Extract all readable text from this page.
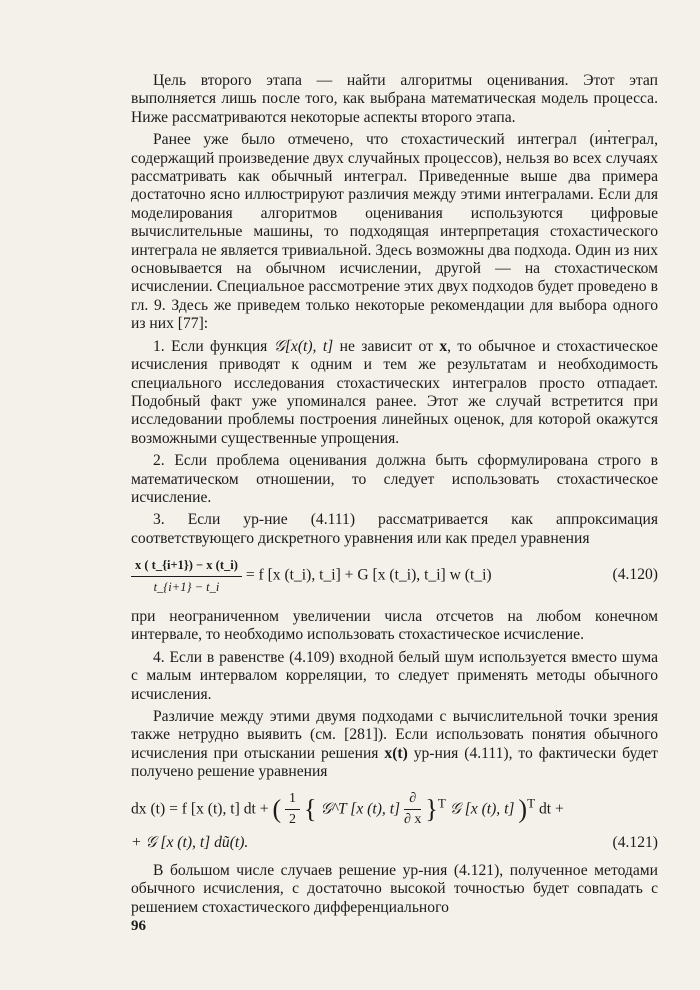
Цель второго этапа — найти алгоритмы оценивания. Этот этап выполняется лишь после того, как выбрана математическая модель процесса. Ниже рассматриваются некоторые аспекты второго этапа.

Ранее уже было отмечено, что стохастический интеграл (интеграл, содержащий произведение двух случайных процессов), нельзя во всех случаях рассматривать как обычный интеграл. Приведенные выше два примера достаточно ясно иллюстрируют различия между этими интегралами. Если для моделирования алгоритмов оценивания используются цифровые вычислительные машины, то подходящая интерпретация стохастического интеграла не является тривиальной. Здесь возможны два подхода. Один из них основывается на обычном исчислении, другой — на стохастическом исчислении. Специальное рассмотрение этих двух подходов будет проведено в гл. 9. Здесь же приведем только некоторые рекомендации для выбора одного из них [77]:

1. Если функция 𝒢[x(t), t] не зависит от x, то обычное и стохастическое исчисления приводят к одним и тем же результатам и необходимость специального исследования стохастических интегралов просто отпадает. Подобный факт уже упоминался ранее. Этот же случай встретится при исследовании проблемы построения линейных оценок, для которой окажутся возможными существенные упрощения.

2. Если проблема оценивания должна быть сформулирована строго в математическом отношении, то следует использовать стохастическое исчисление.

3. Если ур-ние (4.111) рассматривается как аппроксимация соответствующего дискретного уравнения или как предел уравнения

$\frac{x ( t\_\{i+1\}) - x (t\_i)}{t\_\{i+1\} - t\_i} = f$ [x (t_i), t_i] + G [x (t_i), t_i] w (t_i)	(4.120)

при неограниченном увеличении числа отсчетов на любом конечном интервале, то необходимо использовать стохастическое исчисление.

4. Если в равенстве (4.109) входной белый шум используется вместо шума с малым интервалом корреляции, то следует применять методы обычного исчисления.

Различие между этими двумя подходами с вычислительной точки зрения также нетрудно выявить (см. [281]). Если использовать понятия обычного исчисления при отыскании решения x(t) ур-ния (4.111), то фактически будет получено решение уравнения

dx (t) = f [x (t), t] dt + ( $\frac{1}{2}$ { 𝒢^T [x (t), $t] \frac{\partial}{\partial x} \}^T$ 𝒢 [x (t), t] )$^T$ dt +
+ 𝒢 [x (t), t] dũ(t).	(4.121)

В большом числе случаев решение ур-ния (4.121), полученное методами обычного исчисления, с достаточно высокой точностью будет совпадать с решением стохастического дифференциального

96
